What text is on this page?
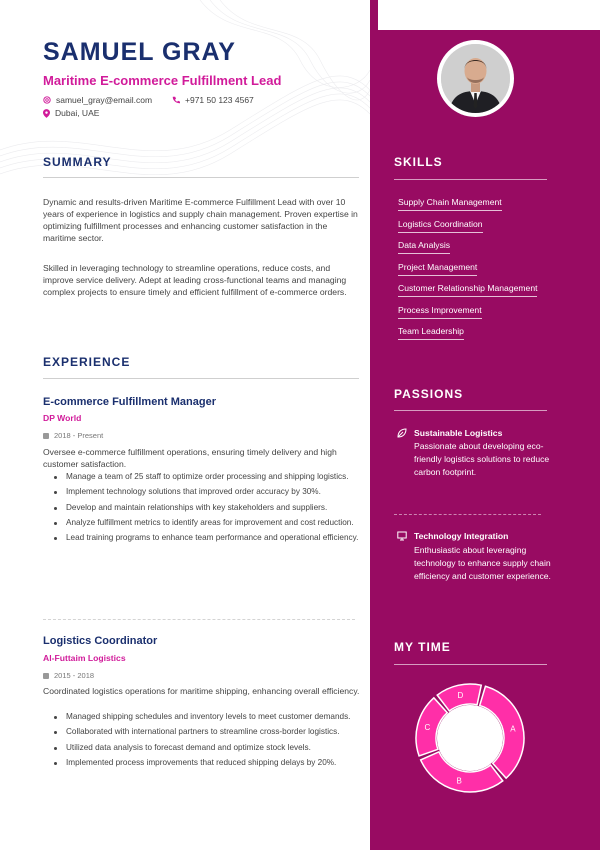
SAMUEL GRAY
Maritime E-commerce Fulfillment Lead
samuel_gray@email.com	+971 50 123 4567
Dubai, UAE
SUMMARY

Dynamic and results-driven Maritime E-commerce Fulfillment Lead with over 10 years of experience in logistics and supply chain management. Proven expertise in optimizing fulfillment processes and enhancing customer satisfaction in the maritime sector.

Skilled in leveraging technology to streamline operations, reduce costs, and improve service delivery. Adept at leading cross-functional teams and managing complex projects to ensure timely and efficient fulfillment of e-commerce orders.

EXPERIENCE
E-commerce Fulfillment Manager
DP World
2018 - Present

Oversee e-commerce fulfillment operations, ensuring timely delivery and high customer satisfaction.

Manage a team of 25 staff to optimize order processing and shipping logistics.
Implement technology solutions that improved order accuracy by 30%.
Develop and maintain relationships with key stakeholders and suppliers.
Analyze fulfillment metrics to identify areas for improvement and cost reduction.
Lead training programs to enhance team performance and operational efficiency.
Logistics Coordinator
Al-Futtaim Logistics
2015 - 2018

Coordinated logistics operations for maritime shipping, enhancing overall efficiency.

Managed shipping schedules and inventory levels to meet customer demands.
Collaborated with international partners to streamline cross-border logistics.
Utilized data analysis to forecast demand and optimize stock levels.
Implemented process improvements that reduced shipping delays by 20%.
SKILLS
Supply Chain Management
Logistics Coordination
Data Analysis
Project Management
Customer Relationship Management
Process Improvement
Team Leadership
PASSIONS
Sustainable Logistics

Passionate about developing eco-friendly logistics solutions to reduce carbon footprint.

Technology Integration

Enthusiastic about leveraging technology to enhance supply chain efficiency and customer experience.

MY TIME
A
B
C
D
